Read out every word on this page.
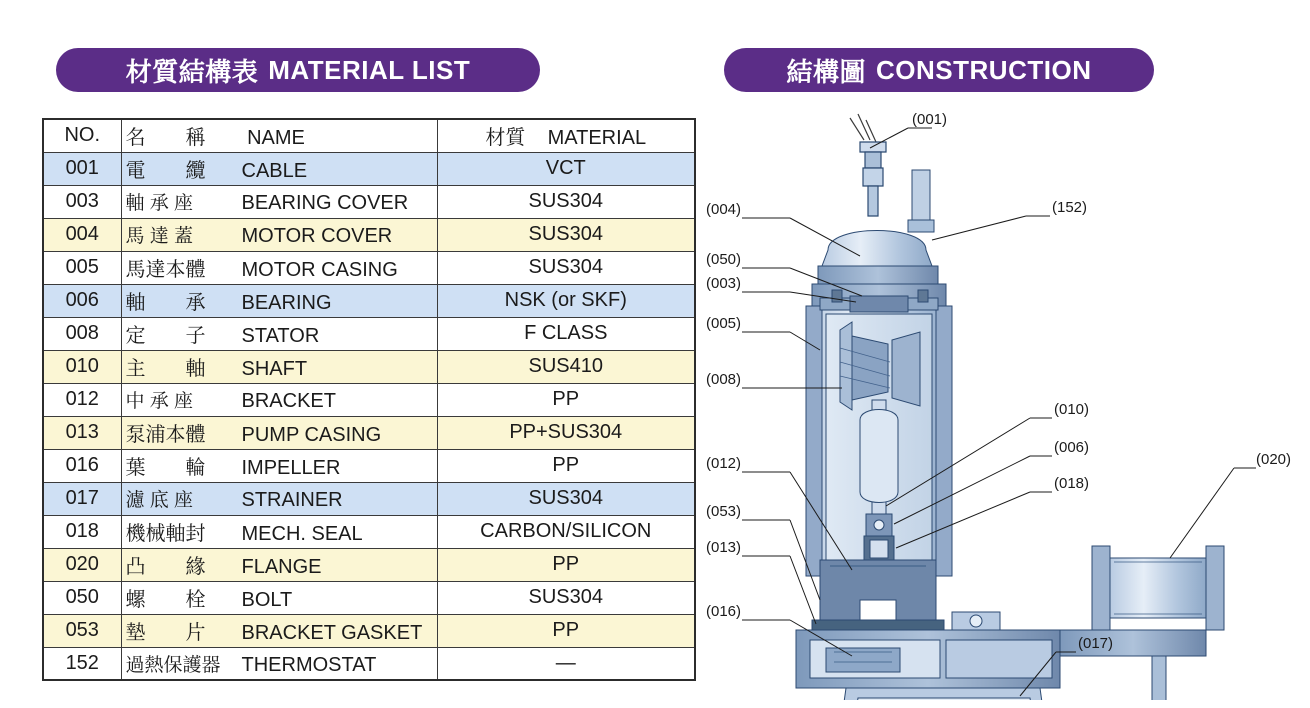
材質結構表 MATERIAL LIST	結構圖 CONSTRUCTION
NO.	名　　稱 NAME	材質 MATERIAL
001	電　　纜 CABLE	VCT
003	軸 承 座 BEARING COVER	SUS304
004	馬 達 蓋 MOTOR COVER	SUS304
005	馬達本體 MOTOR CASING	SUS304
006	軸　　承 BEARING	NSK (or SKF)
008	定　　子 STATOR	F CLASS
010	主　　軸 SHAFT	SUS410
012	中 承 座 BRACKET	PP
013	泵浦本體 PUMP CASING	PP+SUS304
016	葉　　輪 IMPELLER	PP
017	濾 底 座 STRAINER	SUS304
018	機械軸封 MECH. SEAL	CARBON/SILICON
020	凸　　緣 FLANGE	PP
050	螺　　栓 BOLT	SUS304
053	墊　　片 BRACKET GASKET	PP
152	過熱保護器 THERMOSTAT	—
(001)
(004)
(050)
(003)
(005)
(008)
(012)
(053)
(013)
(016)
(152)
(010)
(006)
(018)
(020)
(017)
